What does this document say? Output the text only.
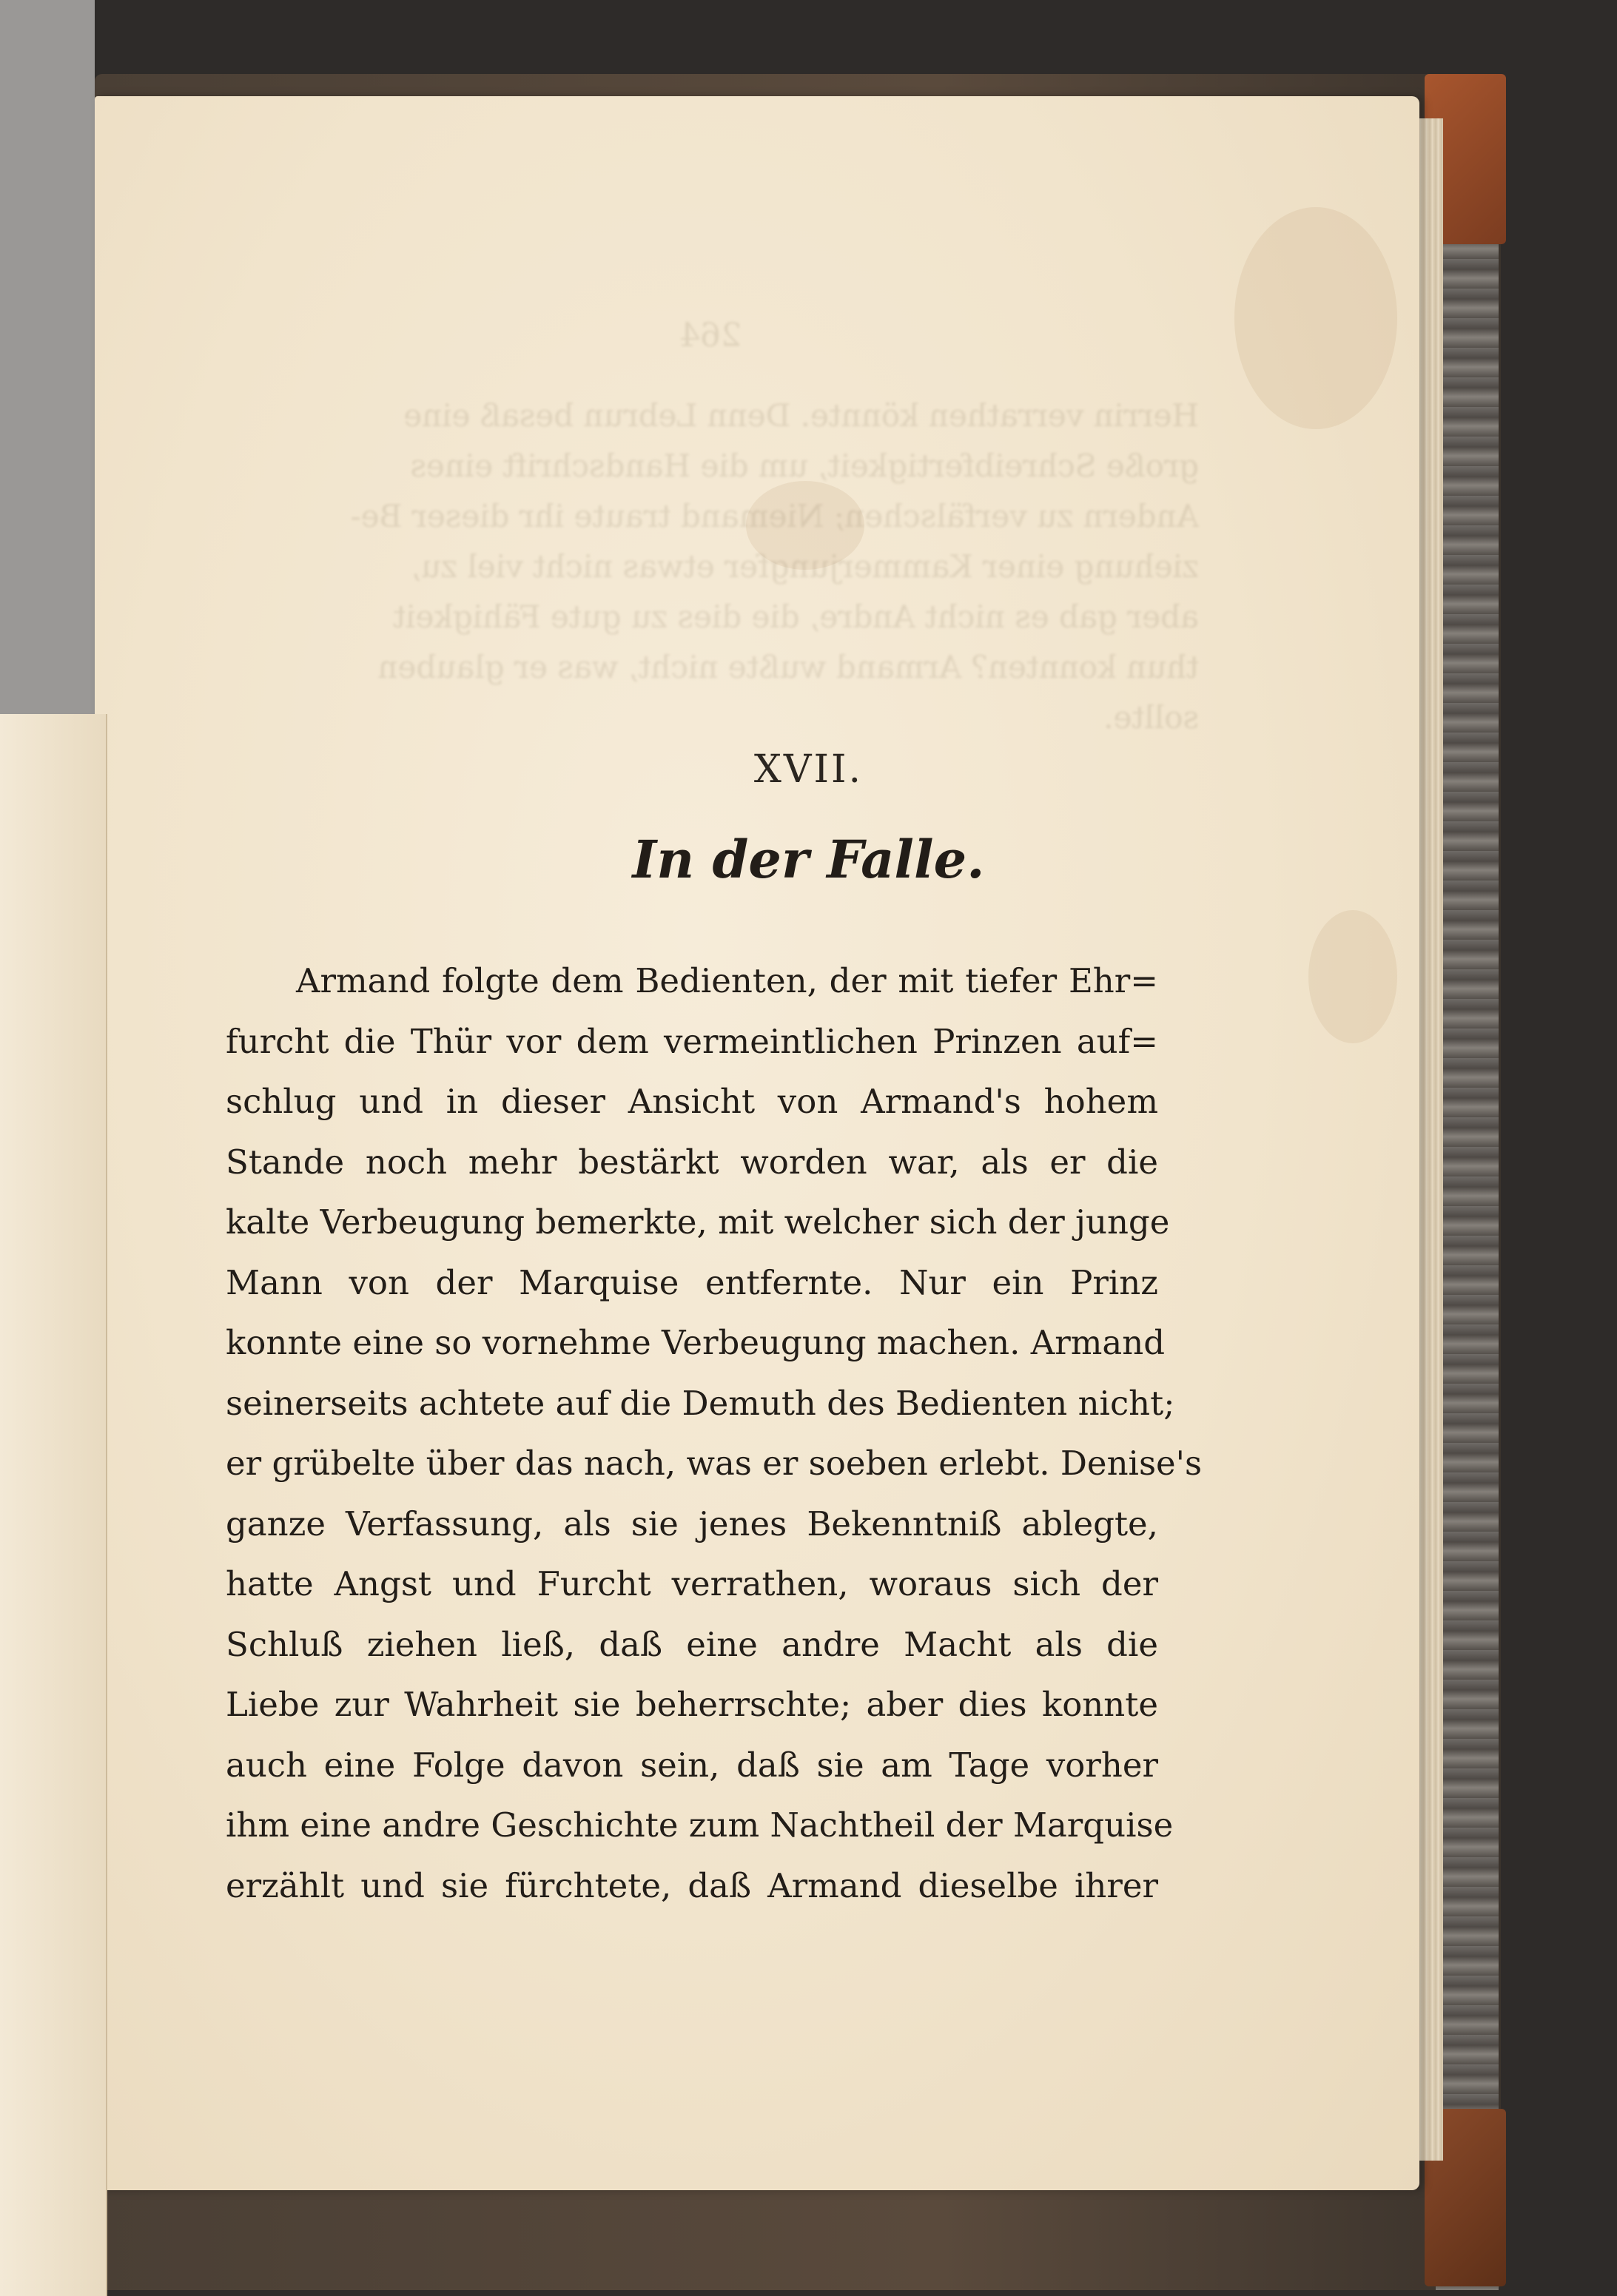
264
Herrin verrathen könnte. Denn Lebrun besaß eine
große Schreibfertigkeit, um die Handschrift eines
Andern zu verfälschen; Niemand traute ihr dieser Be-
ziehung einer Kammerjungfer etwas nicht viel zu,
aber gab es nicht Andre, die dies zu gute Fähigkeit
thun konnten? Armand wußte nicht, was er glauben
sollte.
XVII.
In der Falle.
Armand folgte dem Bedienten, der mit tiefer Ehr=
furcht die Thür vor dem vermeintlichen Prinzen auf=
schlug und in dieser Ansicht von Armand's hohem
Stande noch mehr bestärkt worden war, als er die
kalte Verbeugung bemerkte, mit welcher sich der junge
Mann von der Marquise entfernte. Nur ein Prinz
konnte eine so vornehme Verbeugung machen. Armand
seinerseits achtete auf die Demuth des Bedienten nicht;
er grübelte über das nach, was er soeben erlebt. Denise's
ganze Verfassung, als sie jenes Bekenntniß ablegte,
hatte Angst und Furcht verrathen, woraus sich der
Schluß ziehen ließ, daß eine andre Macht als die
Liebe zur Wahrheit sie beherrschte; aber dies konnte
auch eine Folge davon sein, daß sie am Tage vorher
ihm eine andre Geschichte zum Nachtheil der Marquise
erzählt und sie fürchtete, daß Armand dieselbe ihrer
